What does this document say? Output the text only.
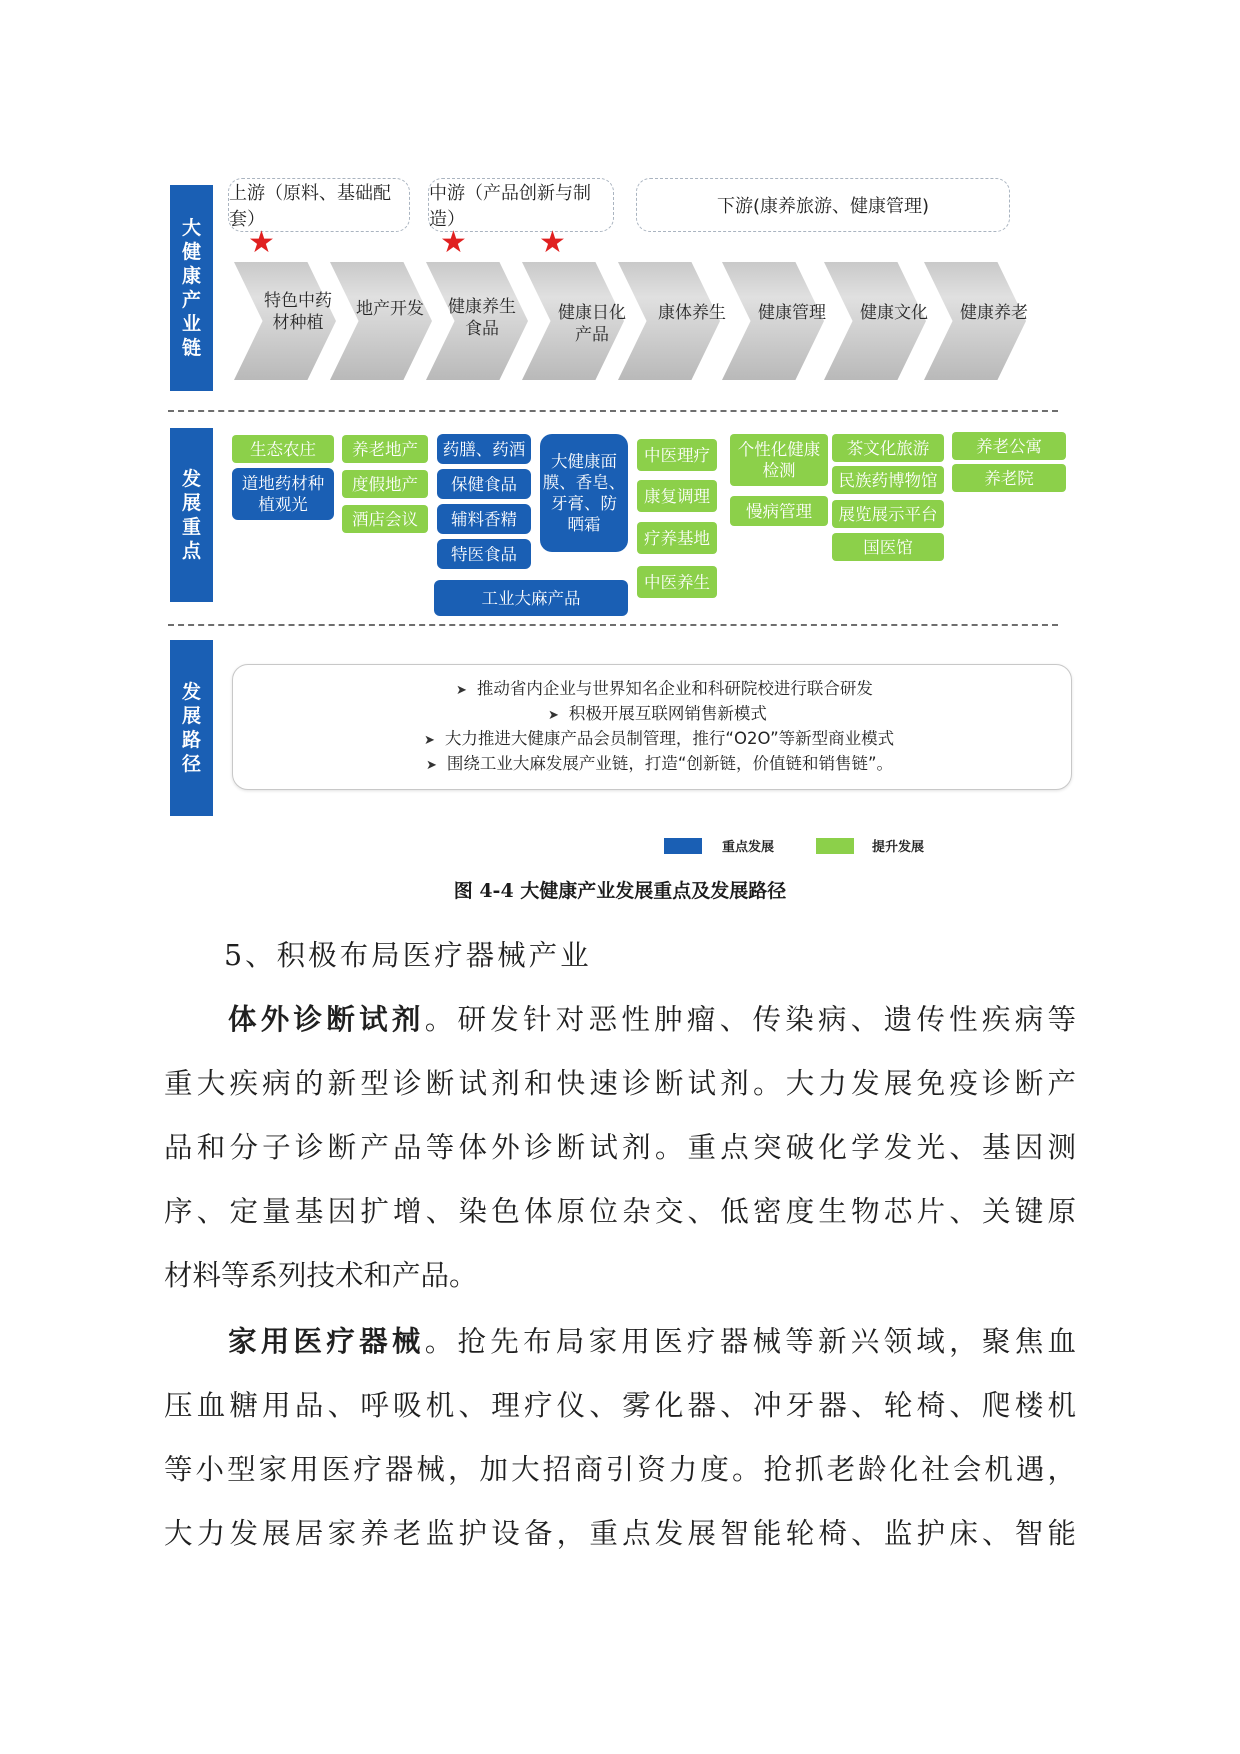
大
健
康
产
业
链
发
展
重
点
发
展
路
径
上游（原料、基础配套）
中游（产品创新与制造）
下游(康养旅游、健康管理)
★	★ ★
特色中药
材种植
地产开发	健康养生
食品
健康日化
产品
康体养生	健康管理	健康文化	健康养老
生态农庄
道地药材种
植观光
养老地产
度假地产
酒店会议
药膳、药酒
保健食品
辅料香精
特医食品
工业大麻产品
大健康面
膜、香皂、
牙膏、防
晒霜
中医理疗
康复调理
疗养基地
中医养生
个性化健康
检测
慢病管理
茶文化旅游
民族药博物馆
展览展示平台
国医馆
养老公寓
养老院
➤ 推动省内企业与世界知名企业和科研院校进行联合研发
➤ 积极开展互联网销售新模式
➤ 大力推进大健康产品会员制管理，推行“O2O”等新型商业模式
➤ 围绕工业大麻发展产业链，打造“创新链，价值链和销售链”。
重点发展	提升发展
图 4-4 大健康产业发展重点及发展路径
5、积极布局医疗器械产业
体外诊断试剂。研发针对恶性肿瘤、传染病、遗传性疾病等
重大疾病的新型诊断试剂和快速诊断试剂。大力发展免疫诊断产
品和分子诊断产品等体外诊断试剂。重点突破化学发光、基因测
序、定量基因扩增、染色体原位杂交、低密度生物芯片、关键原
材料等系列技术和产品。
家用医疗器械。抢先布局家用医疗器械等新兴领域，聚焦血
压血糖用品、呼吸机、理疗仪、雾化器、冲牙器、轮椅、爬楼机
等小型家用医疗器械，加大招商引资力度。抢抓老龄化社会机遇，
大力发展居家养老监护设备，重点发展智能轮椅、监护床、智能
